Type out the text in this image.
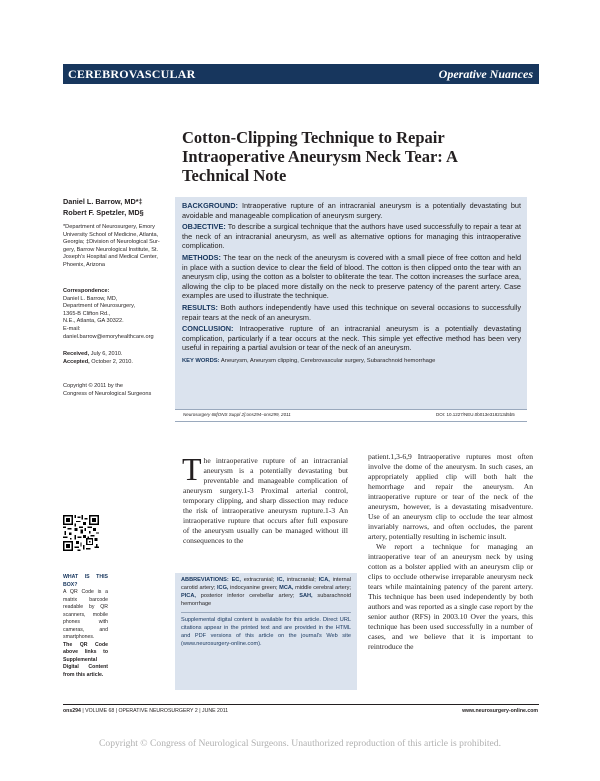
CEREBROVASCULAR	Operative Nuances
Cotton-Clipping Technique to Repair
Intraoperative Aneurysm Neck Tear: A
Technical Note
Daniel L. Barrow, MD*‡
Robert F. Spetzler, MD§
*Department of Neurosurgery, Emory
University School of Medicine, Atlanta,
Georgia; ‡Division of Neurological Sur-
gery, Barrow Neurological Institute, St.
Joseph's Hospital and Medical Center,
Phoenix, Arizona
Correspondence:
Daniel L. Barrow, MD,
Department of Neurosurgery,
1365-B Clifton Rd.,
N.E., Atlanta, GA 30322.
E-mail:
daniel.barrow@emoryhealthcare.org
Received, July 6, 2010.
Accepted, October 2, 2010.
Copyright © 2011 by the
Congress of Neurological Surgeons

BACKGROUND: Intraoperative rupture of an intracranial aneurysm is a potentially devastating but avoidable and manageable complication of aneurysm surgery.

OBJECTIVE: To describe a surgical technique that the authors have used successfully to repair a tear at the neck of an intracranial aneurysm, as well as alternative options for managing this intraoperative complication.

METHODS: The tear on the neck of the aneurysm is covered with a small piece of free cotton and held in place with a suction device to clear the field of blood. The cotton is then clipped onto the tear with an aneurysm clip, using the cotton as a bolster to obliterate the tear. The cotton increases the surface area, allowing the clip to be placed more distally on the neck to preserve patency of the parent artery. Case examples are used to illustrate the technique.

RESULTS: Both authors independently have used this technique on several occasions to successfully repair tears at the neck of an aneurysm.

CONCLUSION: Intraoperative rupture of an intracranial aneurysm is a potentially devastating complication, particularly if a tear occurs at the neck. This simple yet effective method has been very useful in repairing a partial avulsion or tear of the neck of an aneurysm.

KEY WORDS: Aneurysm, Aneurysm clipping, Cerebrovascular surgery, Subarachnoid hemorrhage

Neurosurgery 68[ONS Suppl 2]:ons294–ons299, 2011	DOI: 10.1227/NEU.0b013e318213d5b5

The intraoperative rupture of an intracranial aneurysm is a potentially devastating but preventable and manageable complication of aneurysm surgery.1-3 Proximal arterial control, temporary clipping, and sharp dissection may reduce the risk of intraoperative aneurysm rupture.1-3 An intraoperative rupture that occurs after full exposure of the aneurysm usually can be managed without ill consequences to the

patient.1,3-6,9 Intraoperative ruptures most often involve the dome of the aneurysm. In such cases, an appropriately applied clip will both halt the hemorrhage and repair the aneurysm. An intraoperative rupture or tear of the neck of the aneurysm, however, is a devastating misadventure. Use of an aneurysm clip to occlude the tear almost invariably narrows, and often occludes, the parent artery, potentially resulting in ischemic insult.

We report a technique for managing an intraoperative tear of an aneurysm neck by using cotton as a bolster applied with an aneurysm clip or clips to occlude otherwise irreparable aneurysm neck tears while maintaining patency of the parent artery. This technique has been used independently by both authors and was reported as a single case report by the senior author (RFS) in 2003.10 Over the years, this technique has been used successfully in a number of cases, and we believe that it is important to reintroduce the

ABBREVIATIONS: EC, extracranial; IC, intracranial; ICA, internal carotid artery; ICG, indocyanine green; MCA, middle cerebral artery; PICA, posterior inferior cerebellar artery; SAH, subarachnoid hemorrhage
Supplemental digital content is available for this article. Direct URL citations appear in the printed text and are provided in the HTML and PDF versions of this article on the journal's Web site (www.neurosurgery-online.com).
WHAT IS THIS BOX?
A QR Code is a matrix barcode readable by QR scanners, mobile phones with cameras, and smartphones.
The QR Code above links to Supplemental Digital Content from this article.
ons294 | VOLUME 68 | OPERATIVE NEUROSURGERY 2 | JUNE 2011	www.neurosurgery-online.com
Copyright © Congress of Neurological Surgeons. Unauthorized reproduction of this article is prohibited.
